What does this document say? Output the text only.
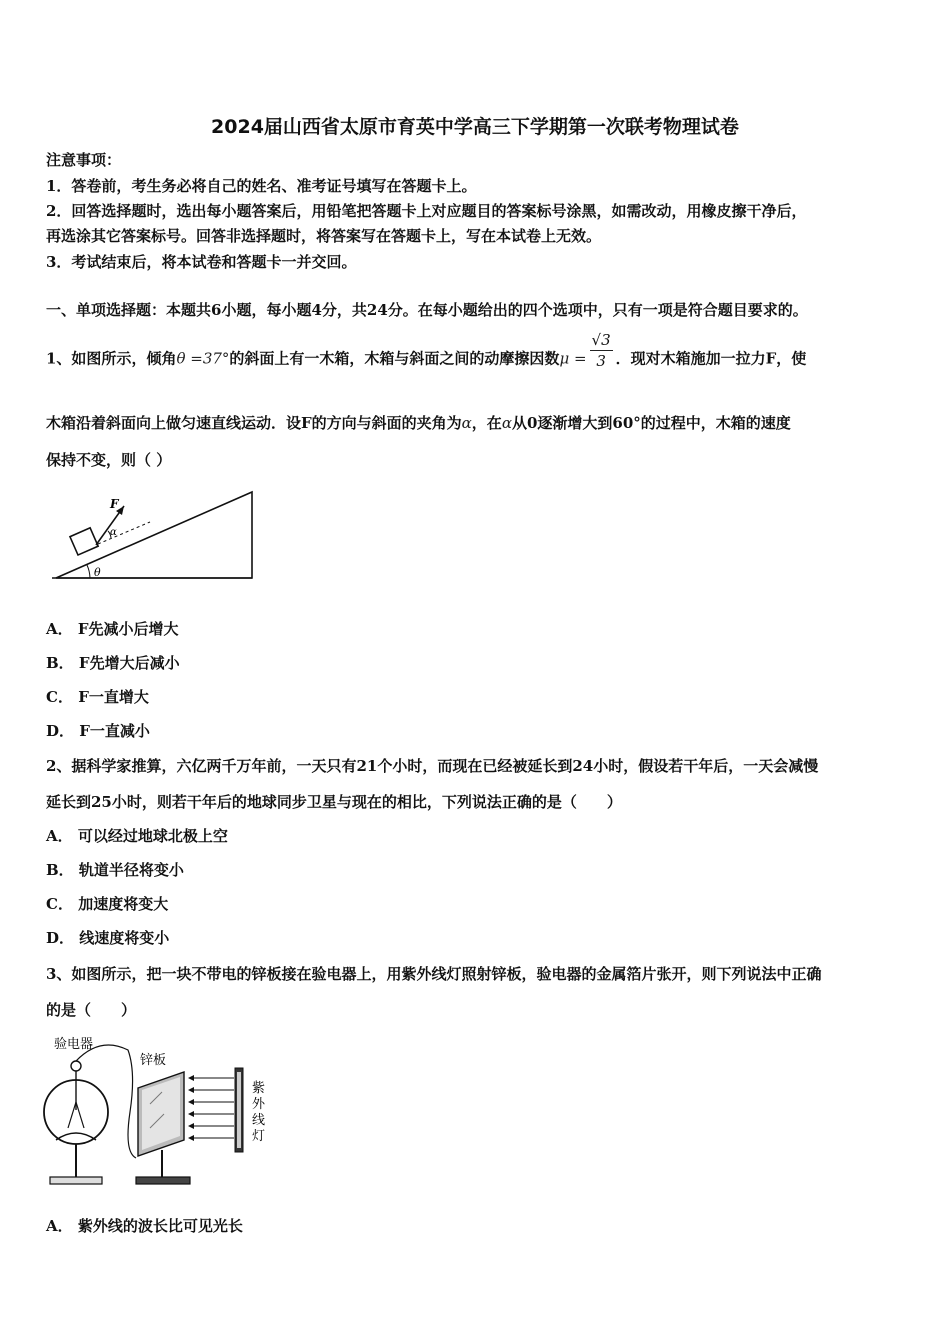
2024届山西省太原市育英中学高三下学期第一次联考物理试卷
注意事项：
1．答卷前，考生务必将自己的姓名、准考证号填写在答题卡上。
2．回答选择题时，选出每小题答案后，用铅笔把答题卡上对应题目的答案标号涂黑，如需改动，用橡皮擦干净后，
再选涂其它答案标号。回答非选择题时，将答案写在答题卡上，写在本试卷上无效。
3．考试结束后，将本试卷和答题卡一并交回。
一、单项选择题：本题共6小题，每小题4分，共24分。在每小题给出的四个选项中，只有一项是符合题目要求的。
1、如图所示，倾角θ =37°的斜面上有一木箱，木箱与斜面之间的动摩擦因数$\mu = \frac{√3}{3}$ ．现对木箱施加一拉力F，使
木箱沿着斜面向上做匀速直线运动．设F的方向与斜面的夹角为α，在α从0逐渐增大到60°的过程中，木箱的速度
保持不变，则（ ）
θ
F
α
A． F先减小后增大
B． F先增大后减小
C． F一直增大
D． F一直减小
2、据科学家推算，六亿两千万年前，一天只有21个小时，而现在已经被延长到24小时，假设若干年后，一天会减慢
延长到25小时，则若干年后的地球同步卫星与现在的相比，下列说法正确的是（　　）
A． 可以经过地球北极上空
B． 轨道半径将变小
C． 加速度将变大
D． 线速度将变小
3、如图所示，把一块不带电的锌板接在验电器上，用紫外线灯照射锌板，验电器的金属箔片张开，则下列说法中正确
的是（　　）
验电器
锌板
紫
外
线
灯
A． 紫外线的波长比可见光长
